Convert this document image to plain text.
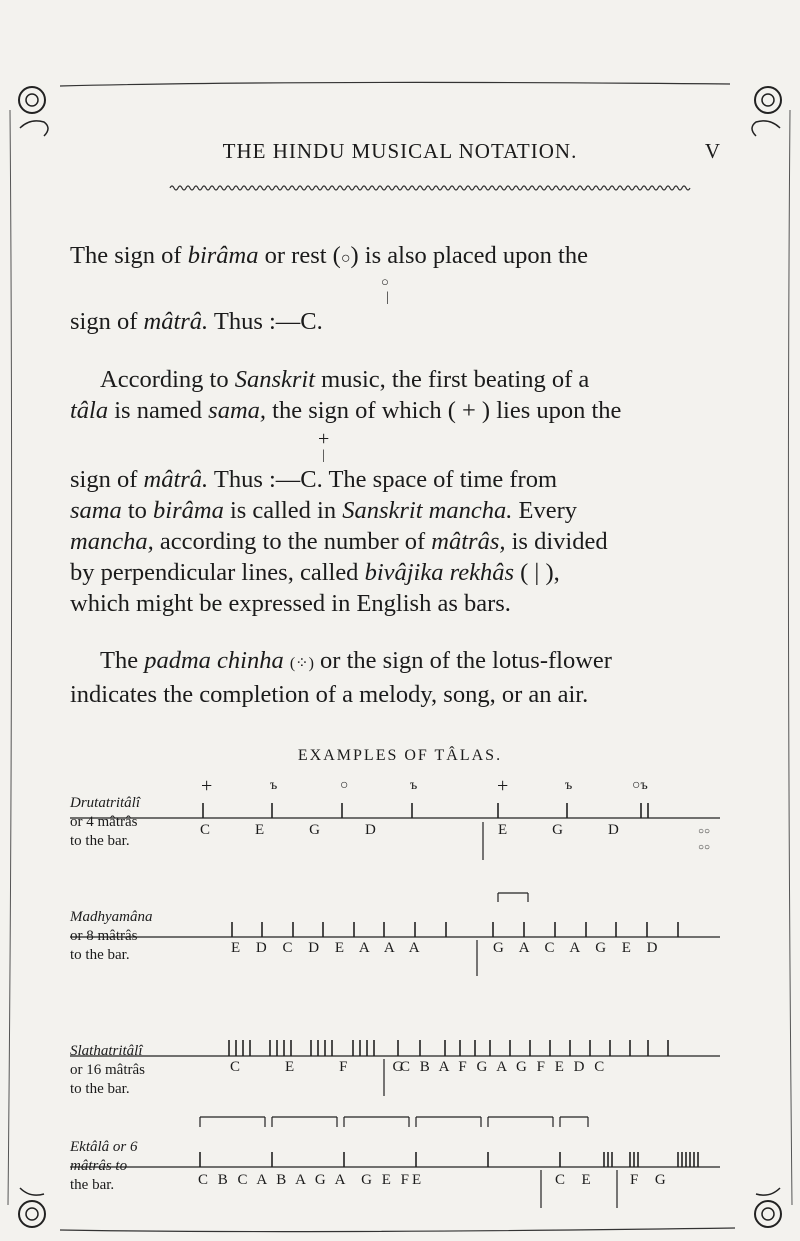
THE HINDU MUSICAL NOTATION.	V
The sign of birâma or rest (○) is also placed upon the
○
|
sign of mâtrâ. Thus :—C.
According to Sanskrit music, the first beating of a
tâla is named sama, the sign of which ( + ) lies upon the
+
|
sign of mâtrâ. Thus :—C. The space of time from
sama to birâma is called in Sanskrit mancha. Every
mancha, according to the number of mâtrâs, is divided
by perpendicular lines, called bivâjika rekhâs ( | ),
which might be expressed in English as bars.
The padma chinha (⁘) or the sign of the lotus-flower
indicates the completion of a melody, song, or an air.
EXAMPLES OF TÂLAS.
Drutatritâlî
or 4 mâtrâs
to the bar.
+	ъ	○	ъ	+	ъ	○ъ
C    E    G    D	E    G    D	○○
○○
Madhyamâna
or 8 mâtrâs
to the bar.	E D C D E A A A	G A C A G E D
Slathatritâlî
or 16 mâtrâs
to the bar.
C    E    F    G
C B A F G A G F E D C
Ektâlâ or 6
mâtrâs to
the bar.	C B C A B A G A  G E FE	C  E F  G
